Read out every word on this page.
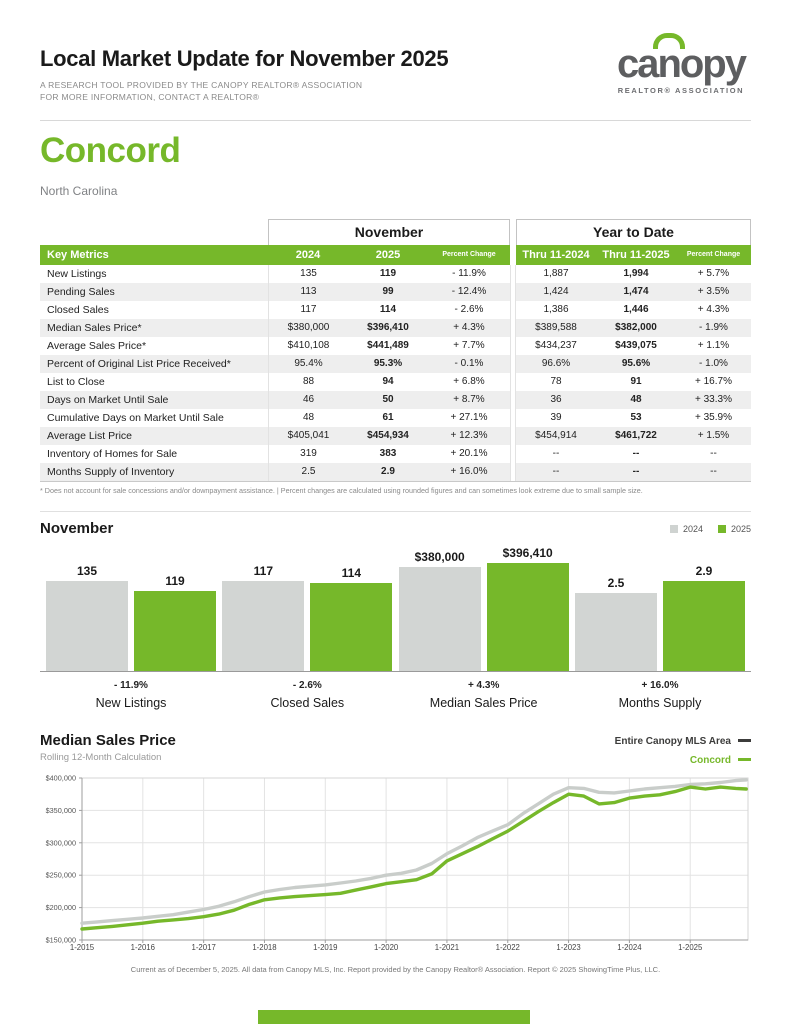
Local Market Update for November 2025
A RESEARCH TOOL PROVIDED BY THE CANOPY REALTOR® ASSOCIATION
FOR MORE INFORMATION, CONTACT A REALTOR®
ca
nopy
REALTOR® ASSOCIATION
Concord
North Carolina
November	Year to Date
Key Metrics	2024	2025	Percent Change	Thru 11-2024	Thru 11-2025	Percent Change
New Listings	135	119	- 11.9%	1,887	1,994	+ 5.7%
Pending Sales	113	99	- 12.4%	1,424	1,474	+ 3.5%
Closed Sales	117	114	- 2.6%	1,386	1,446	+ 4.3%
Median Sales Price*	$380,000	$396,410	+ 4.3%	$389,588	$382,000	- 1.9%
Average Sales Price*	$410,108	$441,489	+ 7.7%	$434,237	$439,075	+ 1.1%
Percent of Original List Price Received*	95.4%	95.3%	- 0.1%	96.6%	95.6%	- 1.0%
List to Close	88	94	+ 6.8%	78	91	+ 16.7%
Days on Market Until Sale	46	50	+ 8.7%	36	48	+ 33.3%
Cumulative Days on Market Until Sale	48	61	+ 27.1%	39	53	+ 35.9%
Average List Price	$405,041	$454,934	+ 12.3%	$454,914	$461,722	+ 1.5%
Inventory of Homes for Sale	319	383	+ 20.1%	--	--	--
Months Supply of Inventory	2.5	2.9	+ 16.0%	--	--	--
* Does not account for sale concessions and/or downpayment assistance. | Percent changes are calculated using rounded figures and can sometimes look extreme due to small sample size.
November	2024	2025
135
119
117	114
$380,000	$396,410
2.5
2.9
- 11.9%
New Listings
- 2.6%
Closed Sales
+ 4.3%
Median Sales Price
+ 16.0%
Months Supply
Median Sales Price
Rolling 12-Month Calculation
Entire Canopy MLS Area
Concord
$400,000
$350,000
$300,000
$250,000
$200,000
$150,000
1-2015	1-2016	1-2017	1-2018	1-2019	1-2020	1-2021	1-2022	1-2023	1-2024	1-2025
Current as of December 5, 2025. All data from Canopy MLS, Inc. Report provided by the Canopy Realtor® Association. Report © 2025 ShowingTime Plus, LLC.
